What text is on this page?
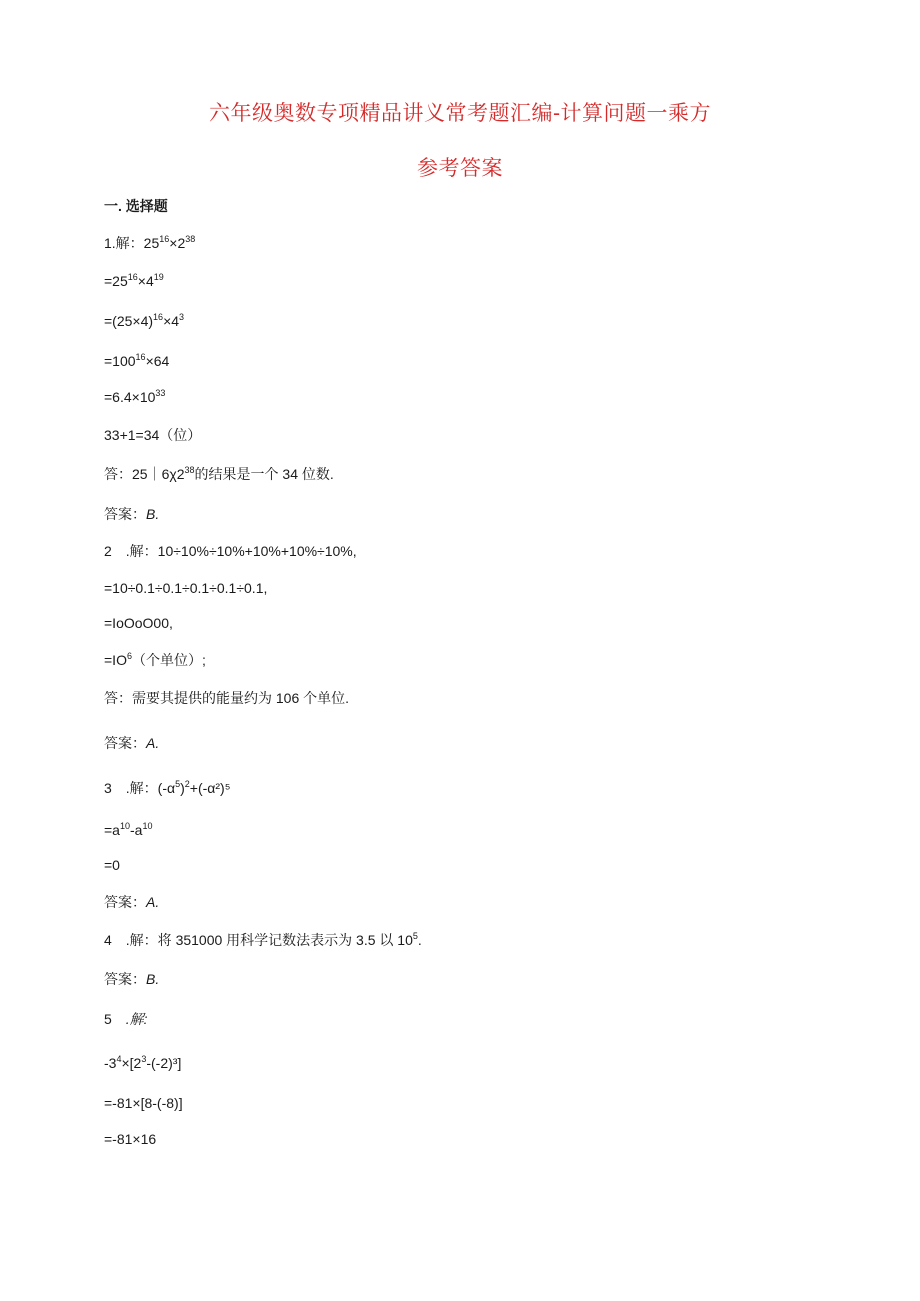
六年级奥数专项精品讲义常考题汇编-计算问题一乘方
参考答案
一. 选择题
1.解：$25^{16}\times 2^{38}$
$=25^{16}\times 4^{19}$
$=(25\times 4)^{16}\times 4^3$
$=100^{16}\times 64$
$=6.4\times 10^{33}$
33+1=34（位）
答：$25|6\chi 2^{38}$的结果是一个 34 位数.
答案：B.
2　.解：10÷10%÷10%+10%+10%÷10%,
=10÷0.1÷0.1÷0.1÷0.1÷0.1,
=IoOoO00,
$=IO^6$（个单位）;
答：需要其提供的能量约为 106 个单位.
答案：A.
3　.解：$(-\alpha^5)^2+(-\alpha^2)^5$
$=a^{10}-a^{10}$
=0
答案：A.
4　.解：将 351000 用科学记数法表示为 3.5 以 $10^5$.
答案：B.
5　.解:
$-3^4\times[2^3-(-2)^3]$
=-81×[8-(-8)]
=-81×16
